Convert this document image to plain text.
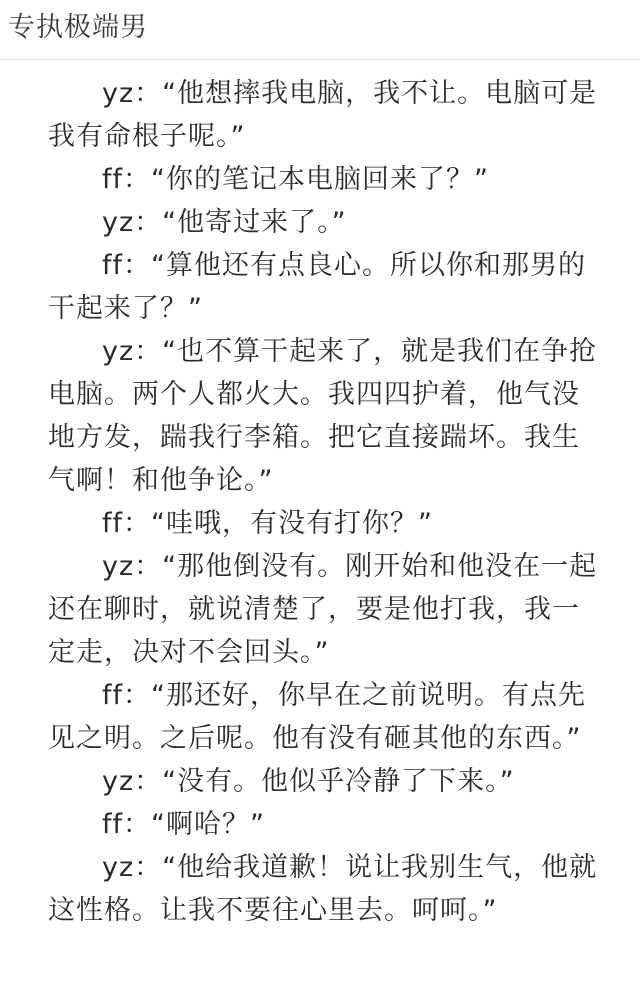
专执极端男

yz：“他想摔我电脑，我不让。电脑可是我有命根子呢。”

ff：“你的笔记本电脑回来了？”

yz：“他寄过来了。”

ff：“算他还有点良心。所以你和那男的干起来了？”

yz：“也不算干起来了，就是我们在争抢电脑。两个人都火大。我四四护着，他气没地方发，踹我行李箱。把它直接踹坏。我生气啊！和他争论。”

ff：“哇哦，有没有打你？”

yz：“那他倒没有。刚开始和他没在一起还在聊时，就说清楚了，要是他打我，我一定走，决对不会回头。”

ff：“那还好，你早在之前说明。有点先见之明。之后呢。他有没有砸其他的东西。”

yz：“没有。他似乎冷静了下来。”

ff：“啊哈？”

yz：“他给我道歉！说让我别生气，他就这性格。让我不要往心里去。呵呵。”
